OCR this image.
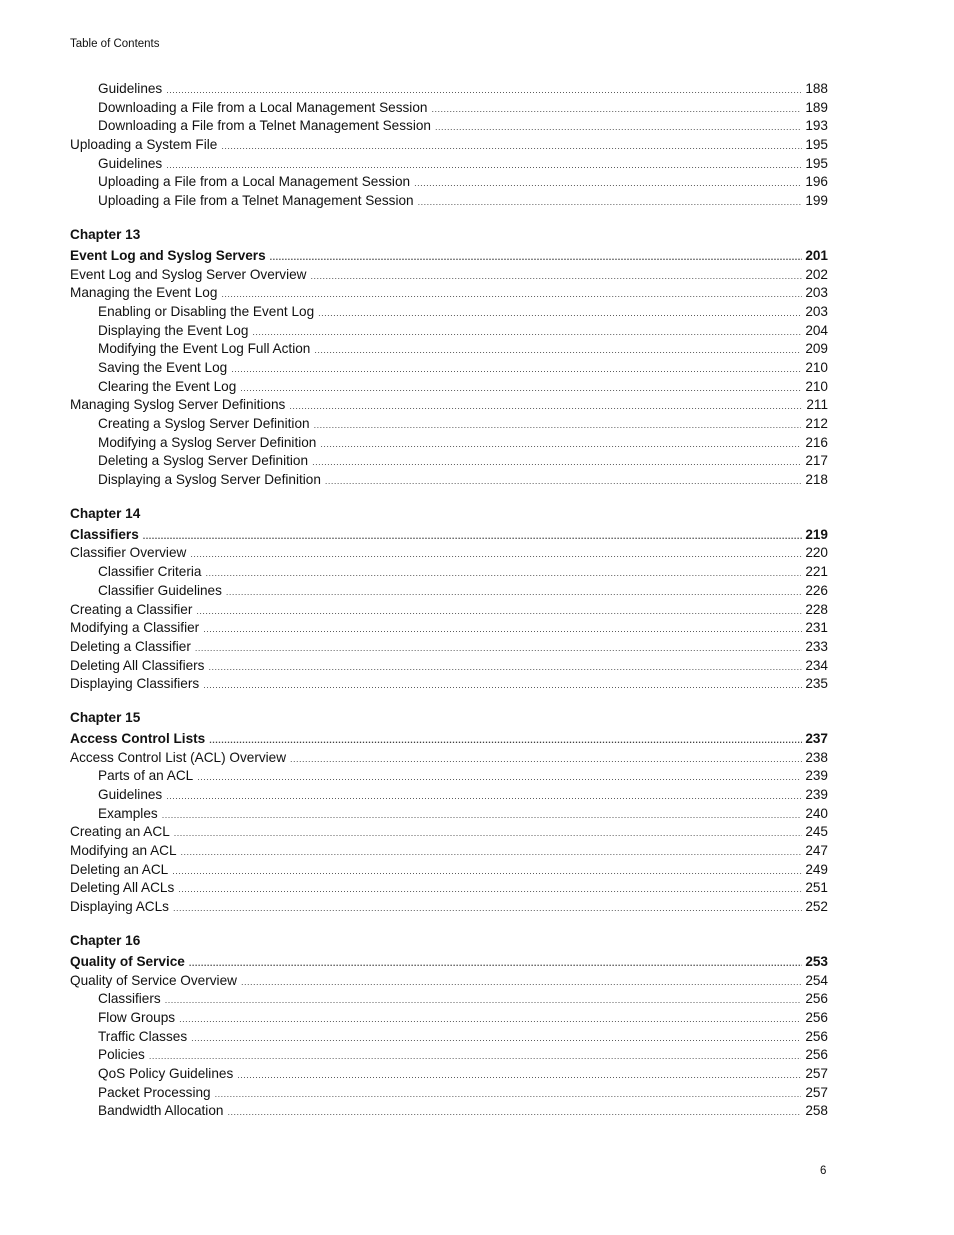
Table of Contents
Guidelines .....	188
Downloading a File from a Local Management Session .....	189
Downloading a File from a Telnet Management Session .....	193
Uploading a System File .....	195
Guidelines .....	195
Uploading a File from a Local Management Session .....	196
Uploading a File from a Telnet Management Session .....	199
Chapter 13
Event Log and Syslog Servers .....	201
Event Log and Syslog Server Overview .....	202
Managing the Event Log .....	203
Enabling or Disabling the Event Log .....	203
Displaying the Event Log .....	204
Modifying the Event Log Full Action .....	209
Saving the Event Log .....	210
Clearing the Event Log .....	210
Managing Syslog Server Definitions .....	211
Creating a Syslog Server Definition .....	212
Modifying a Syslog Server Definition .....	216
Deleting a Syslog Server Definition .....	217
Displaying a Syslog Server Definition .....	218
Chapter 14
Classifiers .....	219
Classifier Overview .....	220
Classifier Criteria .....	221
Classifier Guidelines .....	226
Creating a Classifier .....	228
Modifying a Classifier .....	231
Deleting a Classifier .....	233
Deleting All Classifiers .....	234
Displaying Classifiers .....	235
Chapter 15
Access Control Lists .....	237
Access Control List (ACL) Overview .....	238
Parts of an ACL .....	239
Guidelines .....	239
Examples .....	240
Creating an ACL .....	245
Modifying an ACL .....	247
Deleting an ACL .....	249
Deleting All ACLs .....	251
Displaying ACLs .....	252
Chapter 16
Quality of Service .....	253
Quality of Service Overview .....	254
Classifiers .....	256
Flow Groups .....	256
Traffic Classes .....	256
Policies .....	256
QoS Policy Guidelines .....	257
Packet Processing .....	257
Bandwidth Allocation .....	258
6
